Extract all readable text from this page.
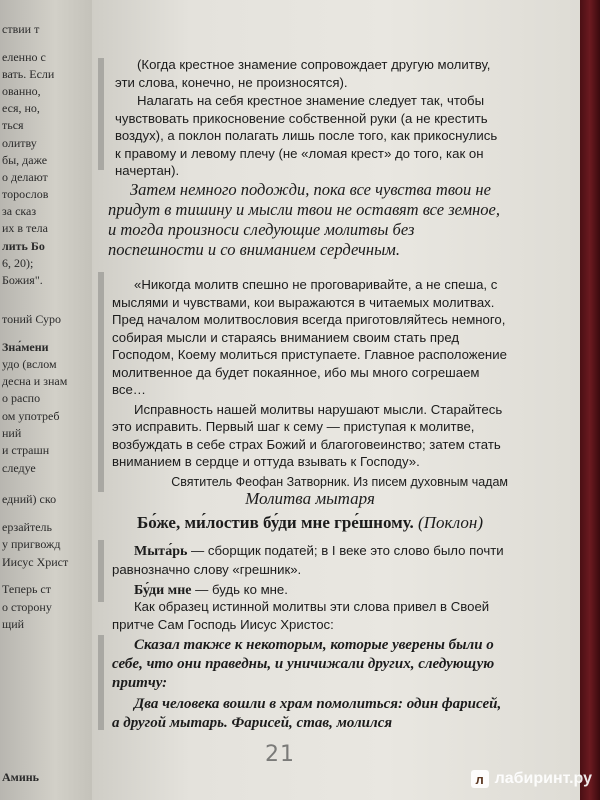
ствии т
еленно с
вать. Если
ованно,
еся, но,
ться
олитву
бы, даже
о делают
торослов
за сказ
их в тела
лить Бо
6, 20);
Божия".
тоний Суро
Зна́мени
удо (вслом
десна и знам
о распо
ом употреб
ний
и страшн
следуе
едний) ско
ерзайтель
у пригвожд
Иисус Христ
Теперь ст
о сторону
щий
Аминь

(Когда крестное знамение сопровождает другую молитву, эти слова, конечно, не произносятся).

Налагать на себя крестное знамение следует так, чтобы чувствовать прикосновение собственной руки (а не крестить воздух), а поклон полагать лишь после того, как прикоснулись к правому и левому плечу (не «ломая крест» до того, как он начертан).

Затем немного подожди, пока все чувства твои не придут в тишину и мысли твои не оставят все земное, и тогда произноси следующие молитвы без поспешности и со вниманием сердечным.

«Никогда молитв спешно не проговаривайте, а не спеша, с мыслями и чувствами, кои выражаются в читаемых молитвах. Пред началом молитвословия всегда приготовляйтесь немного, собирая мысли и стараясь вниманием своим стать пред Господом, Коему молиться приступаете. Главное расположение молитвенное да будет покаянное, ибо мы много согрешаем все…

Исправность нашей молитвы нарушают мысли. Старайтесь это исправить. Первый шаг к сему — приступая к молитве, возбуждать в себе страх Божий и благоговеинство; затем стать вниманием в сердце и оттуда взывать к Господу».

Святитель Феофан Затворник. Из писем духовным чадам

Молитва мытаря

Бо́же, ми́лостив бу́ди мне гре́шному. (Поклон)

Мыта́рь — сборщик податей; в I веке это слово было почти равнозначно слову «грешник».

Бу́ди мне — будь ко мне.

Как образец истинной молитвы эти слова привел в Своей притче Сам Господь Иисус Христос:

Сказал также к некоторым, которые уверены были о себе, что они праведны, и уничижали других, следующую притчу:

Два человека вошли в храм помолиться: один фарисей, а другой мытарь. Фарисей, став, молился

21
л лабиринт.ру
